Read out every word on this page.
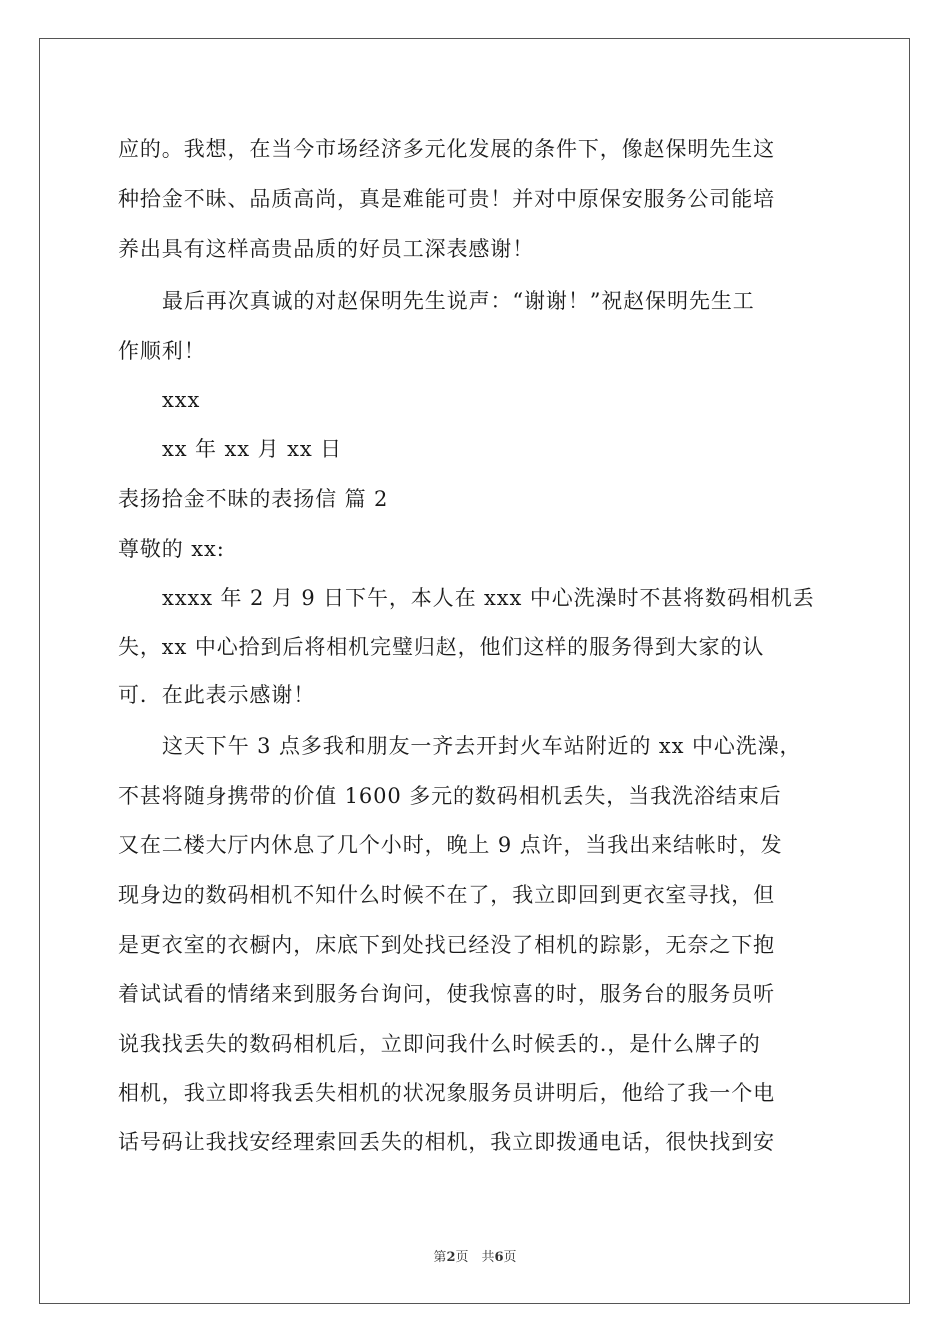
应的。我想，在当今市场经济多元化发展的条件下，像赵保明先生这
种拾金不昧、品质高尚，真是难能可贵！并对中原保安服务公司能培
养出具有这样高贵品质的好员工深表感谢！
最后再次真诚的对赵保明先生说声：“谢谢！”祝赵保明先生工
作顺利！
xxx
xx 年 xx 月 xx 日
表扬拾金不昧的表扬信 篇 2
尊敬的 xx:
xxxx 年 2 月 9 日下午，本人在 xxx 中心洗澡时不甚将数码相机丢
失，xx 中心拾到后将相机完璧归赵，他们这样的服务得到大家的认
可．在此表示感谢！
这天下午 3 点多我和朋友一齐去开封火车站附近的 xx 中心洗澡，
不甚将随身携带的价值 1600 多元的数码相机丢失，当我洗浴结束后
又在二楼大厅内休息了几个小时，晚上 9 点许，当我出来结帐时，发
现身边的数码相机不知什么时候不在了，我立即回到更衣室寻找，但
是更衣室的衣橱内，床底下到处找已经没了相机的踪影，无奈之下抱
着试试看的情绪来到服务台询问，使我惊喜的时，服务台的服务员听
说我找丢失的数码相机后，立即问我什么时候丢的.，是什么牌子的
相机，我立即将我丢失相机的状况象服务员讲明后，他给了我一个电
话号码让我找安经理索回丢失的相机，我立即拨通电话，很快找到安
第2页　共6页
